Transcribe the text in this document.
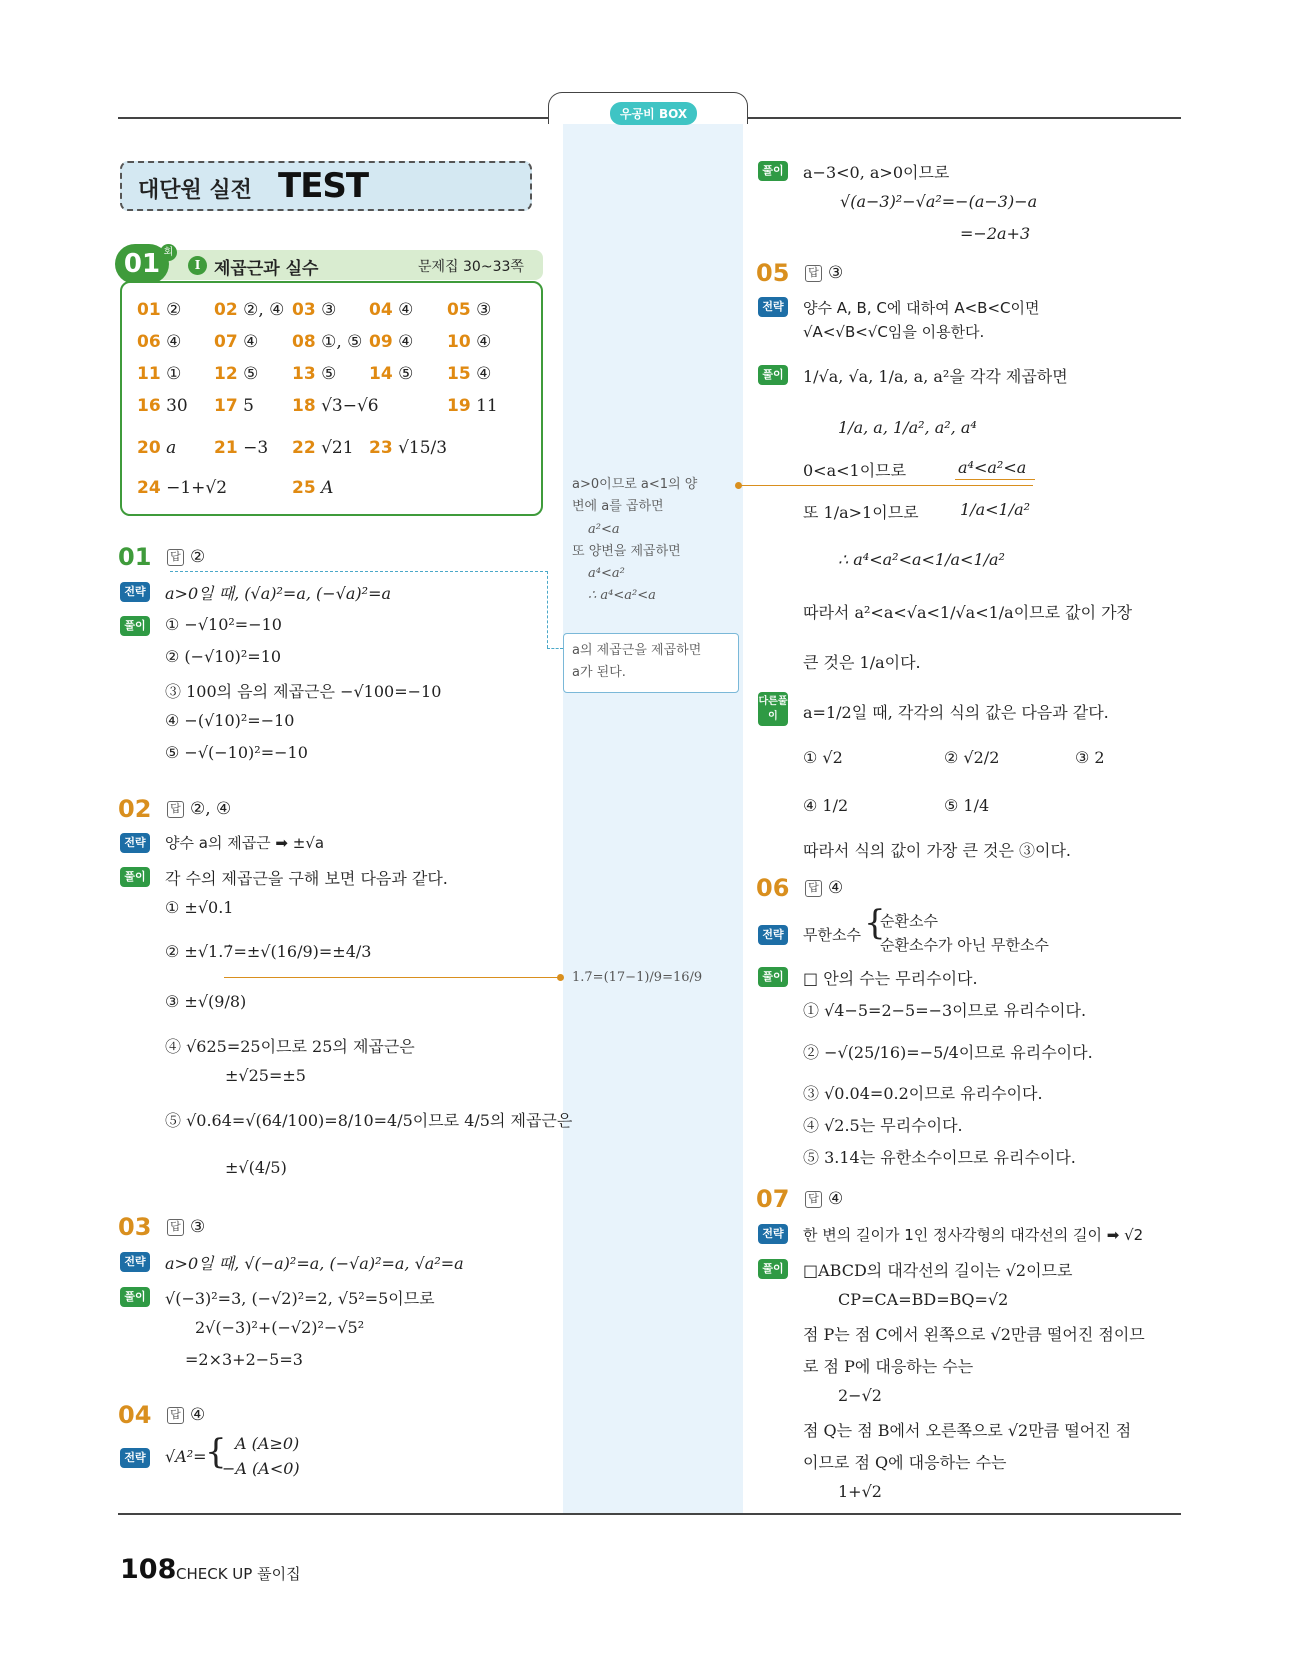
우공비 BOX
대단원 실전 TEST
제곱근과 실수	문제집 30~33쪽
01 회
I
01 ② 02 ②, ④ 03 ③ 04 ④ 05 ③
06 ④ 07 ④ 08 ①, ⑤ 09 ④ 10 ④
11 ① 12 ⑤ 13 ⑤ 14 ⑤ 15 ④
16 30 17 5 18 √3−√6	19 11
20 a 21 −3 22 √21 23 √15/3
24 −1+√2	25 A
01 답 ②
전략 a>0일 때, (√a)²=a, (−√a)²=a
풀이 ① −√10²=−10
② (−√10)²=10
③ 100의 음의 제곱근은 −√100=−10
④ −(√10)²=−10
⑤ −√(−10)²=−10
02 답 ②, ④
전략 양수 a의 제곱근 ➡ ±√a
풀이 각 수의 제곱근을 구해 보면 다음과 같다.
① ±√0.1
② ±√1.7̇=±√(16/9)=±4/3
③ ±√(9/8)
④ √625=25이므로 25의 제곱근은
±√25=±5
⑤ √0.64=√(64/100)=8/10=4/5이므로 4/5의 제곱근은
±√(4/5)
03 답 ③
전략 a>0일 때, √(−a)²=a, (−√a)²=a, √a²=a
풀이 √(−3)²=3, (−√2)²=2, √5²=5이므로
2√(−3)²+(−√2)²−√5²
=2×3+2−5=3
04 답 ④
전략 √A²=
{ A (A≥0)
−A (A<0)
a>0이므로 a<1의 양
변에 a를 곱하면
a²<a
또 양변을 제곱하면
a⁴<a²
∴ a⁴<a²<a
a의 제곱근을 제곱하면
a가 된다.
1.7̇=(17−1)/9=16/9
풀이 a−3<0, a>0이므로
√(a−3)²−√a²=−(a−3)−a
=−2a+3
05 답 ③
전략 양수 A, B, C에 대하여 A<B<C이면
√A<√B<√C임을 이용한다.
풀이 1/√a, √a, 1/a, a, a²을 각각 제곱하면
1/a, a, 1/a², a², a⁴
0<a<1이므로	a⁴<a²<a
또 1/a>1이므로	1/a<1/a²
∴ a⁴<a²<a<1/a<1/a²
따라서 a²<a<√a<1/√a<1/a이므로 값이 가장
큰 것은 1/a이다.
다른풀이	a=1/2일 때, 각각의 식의 값은 다음과 같다.
① √2	② √2/2	③ 2
④ 1/2	⑤ 1/4
따라서 식의 값이 가장 큰 것은 ③이다.
06 답 ④
전략 무한소수 {
순환소수
순환소수가 아닌 무한소수
풀이 □ 안의 수는 무리수이다.
① √4−5=2−5=−3이므로 유리수이다.
② −√(25/16)=−5/4이므로 유리수이다.
③ √0.04=0.2이므로 유리수이다.
④ √2.5는 무리수이다.
⑤ 3.14는 유한소수이므로 유리수이다.
07 답 ④
전략 한 변의 길이가 1인 정사각형의 대각선의 길이 ➡ √2
풀이 □ABCD의 대각선의 길이는 √2이므로
CP=CA=BD=BQ=√2
점 P는 점 C에서 왼쪽으로 √2만큼 떨어진 점이므
로 점 P에 대응하는 수는
2−√2
점 Q는 점 B에서 오른쪽으로 √2만큼 떨어진 점
이므로 점 Q에 대응하는 수는
1+√2
108 CHECK UP 풀이집
